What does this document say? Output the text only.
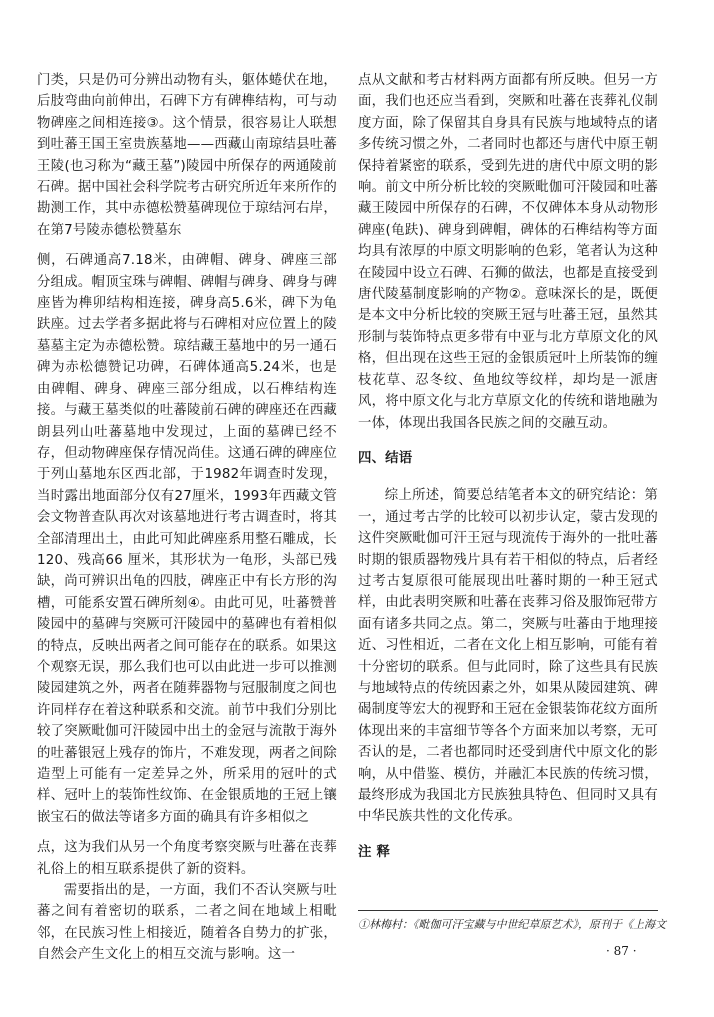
门类，只是仍可分辨出动物有头，躯体蜷伏在地，后肢弯曲向前伸出，石碑下方有碑榫结构，可与动物碑座之间相连接③。这个情景，很容易让人联想到吐蕃王国王室贵族墓地——西藏山南琼结县吐蕃王陵(也习称为“藏王墓”)陵园中所保存的两通陵前石碑。据中国社会科学院考古研究所近年来所作的勘测工作，其中赤德松赞墓碑现位于琼结河右岸，在第7号陵赤德松赞墓东

侧，石碑通高7.18米，由碑帽、碑身、碑座三部分组成。帽顶宝珠与碑帽、碑帽与碑身、碑身与碑座皆为榫卯结构相连接，碑身高5.6米，碑下为龟趺座。过去学者多据此将与石碑相对应位置上的陵墓墓主定为赤德松赞。琼结藏王墓地中的另一通石碑为赤松德赞记功碑，石碑体通高5.24米，也是由碑帽、碑身、碑座三部分组成，以石榫结构连接。与藏王墓类似的吐蕃陵前石碑的碑座还在西藏朗县列山吐蕃墓地中发现过，上面的墓碑已经不存，但动物碑座保存情况尚佳。这通石碑的碑座位于列山墓地东区西北部，于1982年调查时发现，当时露出地面部分仅有27厘米，1993年西藏文管会文物普查队再次对该墓地进行考古调查时，将其全部清理出土，由此可知此碑座系用整石雕成，长120、残高66 厘米，其形状为一龟形，头部已残缺，尚可辨识出龟的四肢，碑座正中有长方形的沟槽，可能系安置石碑所刻④。由此可见，吐蕃赞普陵园中的墓碑与突厥可汗陵园中的墓碑也有着相似的特点，反映出两者之间可能存在的联系。如果这个观察无误，那么我们也可以由此进一步可以推测陵园建筑之外，两者在随葬器物与冠服制度之间也许同样存在着这种联系和交流。前节中我们分别比较了突厥毗伽可汗陵园中出土的金冠与流散于海外的吐蕃银冠上残存的饰片，不难发现，两者之间除造型上可能有一定差异之外，所采用的冠叶的式样、冠叶上的装饰性纹饰、在金银质地的王冠上镶嵌宝石的做法等诸多方面的确具有许多相似之

点，这为我们从另一个角度考察突厥与吐蕃在丧葬礼俗上的相互联系提供了新的资料。

需要指出的是，一方面，我们不否认突厥与吐蕃之间有着密切的联系，二者之间在地域上相毗邻，在民族习性上相接近，随着各自势力的扩张，自然会产生文化上的相互交流与影响。这一

点从文献和考古材料两方面都有所反映。但另一方面，我们也还应当看到，突厥和吐蕃在丧葬礼仪制度方面，除了保留其自身具有民族与地域特点的诸多传统习惯之外，二者同时也都还与唐代中原王朝保持着紧密的联系，受到先进的唐代中原文明的影响。前文中所分析比较的突厥毗伽可汗陵园和吐蕃藏王陵园中所保存的石碑，不仅碑体本身从动物形碑座(龟趺)、碑身到碑帽，碑体的石榫结构等方面均具有浓厚的中原文明影响的色彩，笔者认为这种在陵园中设立石碑、石狮的做法，也都是直接受到唐代陵墓制度影响的产物②。意味深长的是，既便是本文中分析比较的突厥王冠与吐蕃王冠，虽然其形制与装饰特点更多带有中亚与北方草原文化的风格，但出现在这些王冠的金银质冠叶上所装饰的缠枝花草、忍冬纹、鱼地纹等纹样，却均是一派唐风，将中原文化与北方草原文化的传统和谐地融为一体，体现出我国各民族之间的交融互动。

四、结语

综上所述，简要总结笔者本文的研究结论：第一，通过考古学的比较可以初步认定，蒙古发现的这件突厥毗伽可汗王冠与现流传于海外的一批吐蕃时期的银质器物残片具有若干相似的特点，后者经过考古复原很可能展现出吐蕃时期的一种王冠式样，由此表明突厥和吐蕃在丧葬习俗及服饰冠带方面有诸多共同之点。第二，突厥与吐蕃由于地理接近、习性相近，二者在文化上相互影响，可能有着十分密切的联系。但与此同时，除了这些具有民族与地域特点的传统因素之外，如果从陵园建筑、碑碣制度等宏大的视野和王冠在金银装饰花纹方面所体现出来的丰富细节等各个方面来加以考察，无可否认的是，二者也都同时还受到唐代中原文化的影响，从中借鉴、模仿，并融汇本民族的传统习惯，最终形成为我国北方民族独具特色、但同时又具有中华民族共性的文化传承。

注 释

①林梅村：《毗伽可汗宝藏与中世纪草原艺术》，原刊于《上海文
· 87 ·
